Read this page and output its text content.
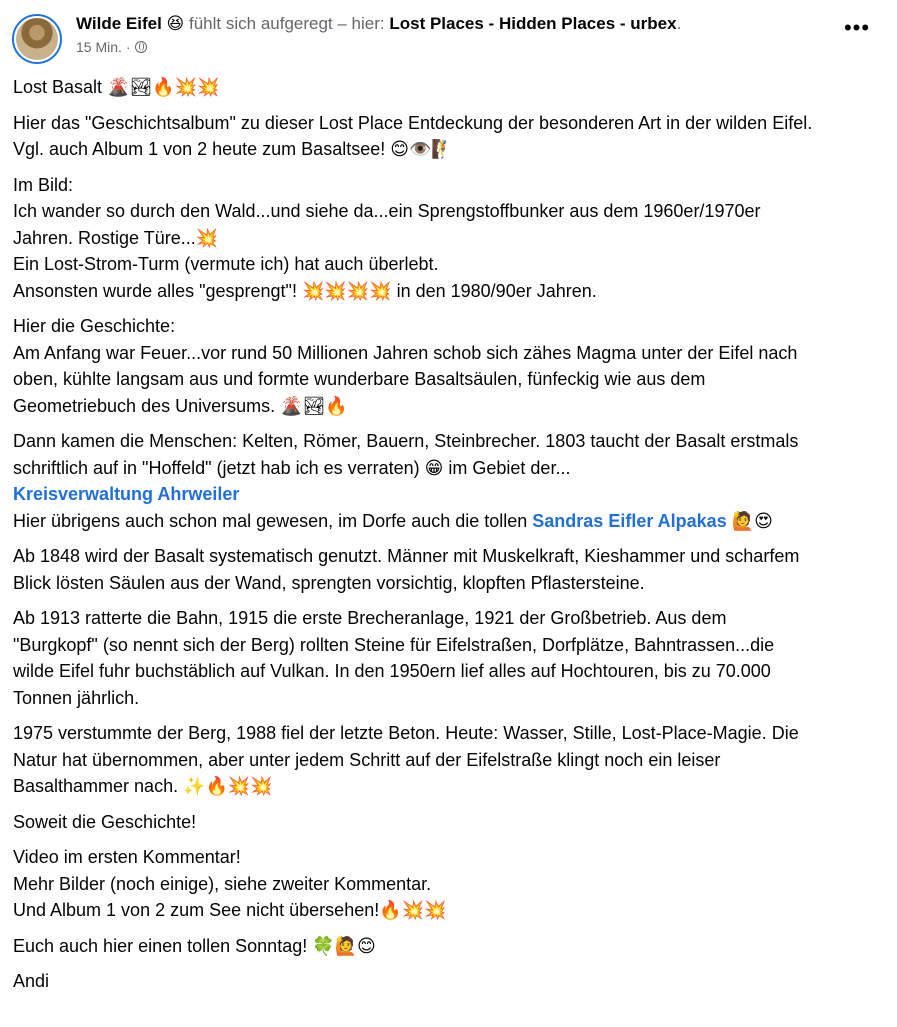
Wilde Eifel 😆 fühlt sich aufgeregt – hier: Lost Places - Hidden Places - urbex.
15 Min. ·
•••
Lost Basalt 🌋🏞🔥💥💥
Hier das "Geschichtsalbum" zu dieser Lost Place Entdeckung der besonderen Art in der wilden Eifel.
Vgl. auch Album 1 von 2 heute zum Basaltsee! 😊👁️🧗
Im Bild:
Ich wander so durch den Wald...und siehe da...ein Sprengstoffbunker aus dem 1960er/1970er
Jahren. Rostige Türe...💥
Ein Lost-Strom-Turm (vermute ich) hat auch überlebt.
Ansonsten wurde alles "gesprengt"! 💥💥💥💥 in den 1980/90er Jahren.
Hier die Geschichte:
Am Anfang war Feuer...vor rund 50 Millionen Jahren schob sich zähes Magma unter der Eifel nach
oben, kühlte langsam aus und formte wunderbare Basaltsäulen, fünfeckig wie aus dem
Geometriebuch des Universums. 🌋🏞🔥
Dann kamen die Menschen: Kelten, Römer, Bauern, Steinbrecher. 1803 taucht der Basalt erstmals
schriftlich auf in "Hoffeld" (jetzt hab ich es verraten) 😁 im Gebiet der...
Kreisverwaltung Ahrweiler
Hier übrigens auch schon mal gewesen, im Dorfe auch die tollen Sandras Eifler Alpakas 🙋😍
Ab 1848 wird der Basalt systematisch genutzt. Männer mit Muskelkraft, Kieshammer und scharfem
Blick lösten Säulen aus der Wand, sprengten vorsichtig, klopften Pflastersteine.
Ab 1913 ratterte die Bahn, 1915 die erste Brecheranlage, 1921 der Großbetrieb. Aus dem
"Burgkopf" (so nennt sich der Berg) rollten Steine für Eifelstraßen, Dorfplätze, Bahntrassen...die
wilde Eifel fuhr buchstäblich auf Vulkan. In den 1950ern lief alles auf Hochtouren, bis zu 70.000
Tonnen jährlich.
1975 verstummte der Berg, 1988 fiel der letzte Beton. Heute: Wasser, Stille, Lost-Place-Magie. Die
Natur hat übernommen, aber unter jedem Schritt auf der Eifelstraße klingt noch ein leiser
Basalthammer nach. ✨🔥💥💥
Soweit die Geschichte!
Video im ersten Kommentar!
Mehr Bilder (noch einige), siehe zweiter Kommentar.
Und Album 1 von 2 zum See nicht übersehen!🔥💥💥
Euch auch hier einen tollen Sonntag! 🍀🙋😊
Andi
